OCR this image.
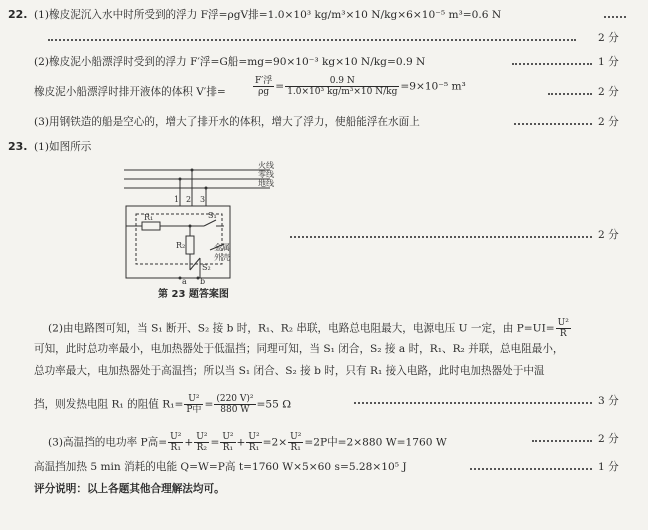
22. (1)橡皮泥沉入水中时所受到的浮力 F浮=ρgV排=1.0×10³ kg/m³×10 N/kg×6×10⁻⁵ m³=0.6 N
2 分
(2)橡皮泥小船漂浮时受到的浮力 F′浮=G船=mg=90×10⁻³ kg×10 N/kg=0.9 N	1 分
橡皮泥小船漂浮时排开液体的体积 V′排=	$\frac{\text{F′浮}}{\rho g} = \frac{0.9 N}{\text{1.0×10³ kg/m³×10 N/kg}} =9\times 10^{-5}$ m³	2 分
(3)用钢铁造的船是空心的，增大了排开水的体积，增大了浮力，使船能浮在水面上	2 分
23. (1)如图所示
火线
零线
地线
1 2 3
R₁	S₁
R₂
S₂
a b
金属
外壳
2 分
第 23 题答案图
(2)由电路图可知，当 S₁ 断开、S₂ 接 b 时，R₁、R₂ 串联，电路总电阻最大，电源电压 U 一定，由 $P=UI= \frac{\text{U²}}{R}$
可知，此时总功率最小，电加热器处于低温挡；同理可知，当 S₁ 闭合，S₂ 接 a 时，R₁、R₂ 并联，总电阻最小，
总功率最大，电加热器处于高温挡；所以当 S₁ 闭合、S₂ 接 b 时，只有 R₁ 接入电路，此时电加热器处于中温
挡，则发热电阻 R₁ 的阻值 $R_1= \frac{\text{U²}}{\text{P中}} = \frac{\text{(220 V)²}}{880 W} =55$ Ω	3 分
(3)高温挡的电功率 P高= $\frac{\text{U²}}{\text{R₁}} + \frac{\text{U²}}{\text{R₂}} = \frac{\text{U²}}{\text{R₁}} + \frac{\text{U²}}{\text{R₁}} =2\times \frac{\text{U²}}{\text{R₁}} =2P$中=2×880 W=1760 W	2 分
高温挡加热 5 min 消耗的电能 Q=W=P高 t=1760 W×5×60 s=5.28×10⁵ J	1 分
评分说明：以上各题其他合理解法均可。
